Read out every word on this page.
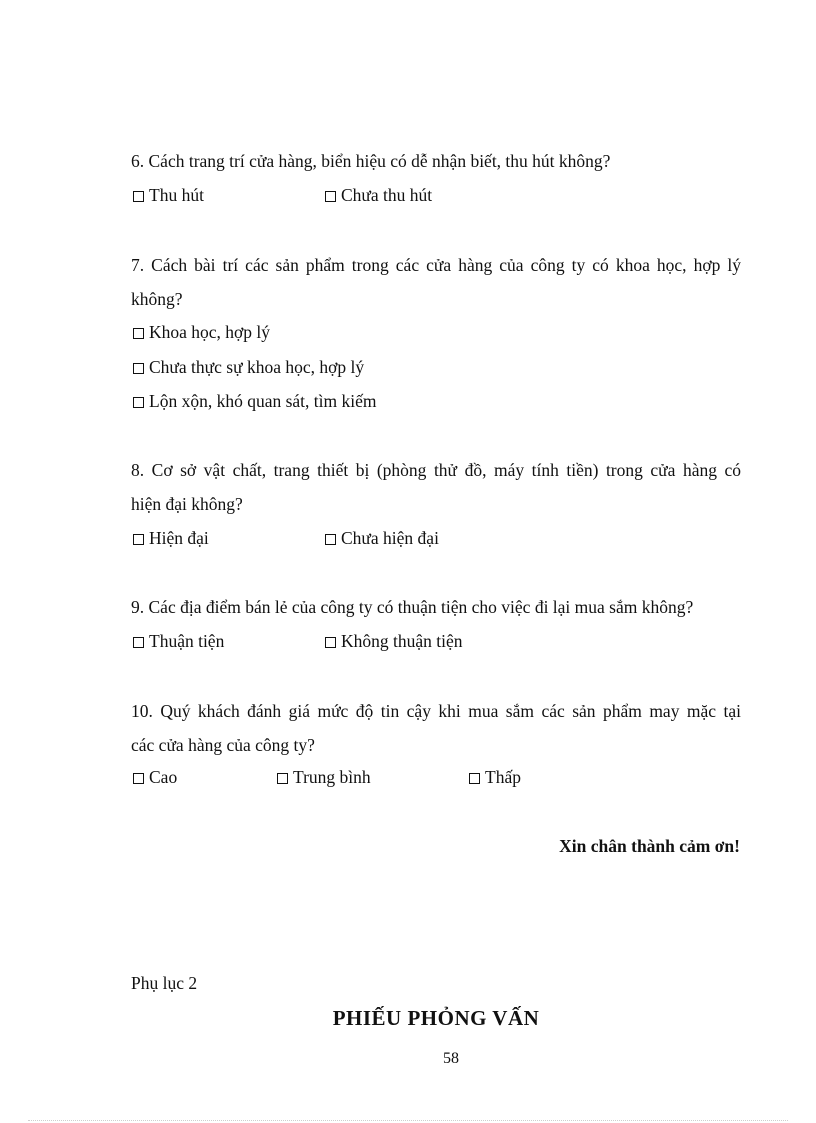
6. Cách trang trí cửa hàng, biển hiệu có dễ nhận biết, thu hút không?
Thu hút	Chưa thu hút
7. Cách bài trí các sản phẩm trong các cửa hàng của công ty có khoa học, hợp lý
không?
Khoa học, hợp lý
Chưa thực sự khoa học, hợp lý
Lộn xộn, khó quan sát, tìm kiếm
8. Cơ sở vật chất, trang thiết bị (phòng thử đồ, máy tính tiền) trong cửa hàng có
hiện đại không?
Hiện đại	Chưa hiện đại
9. Các địa điểm bán lẻ của công ty có thuận tiện cho việc đi lại mua sắm không?
Thuận tiện	Không thuận tiện
10. Quý khách đánh giá mức độ tin cậy khi mua sắm các sản phẩm may mặc tại
các cửa hàng của công ty?
Cao	Trung bình	Thấp
Xin chân thành cảm ơn!
Phụ lục 2
PHIẾU PHỎNG VẤN
58
